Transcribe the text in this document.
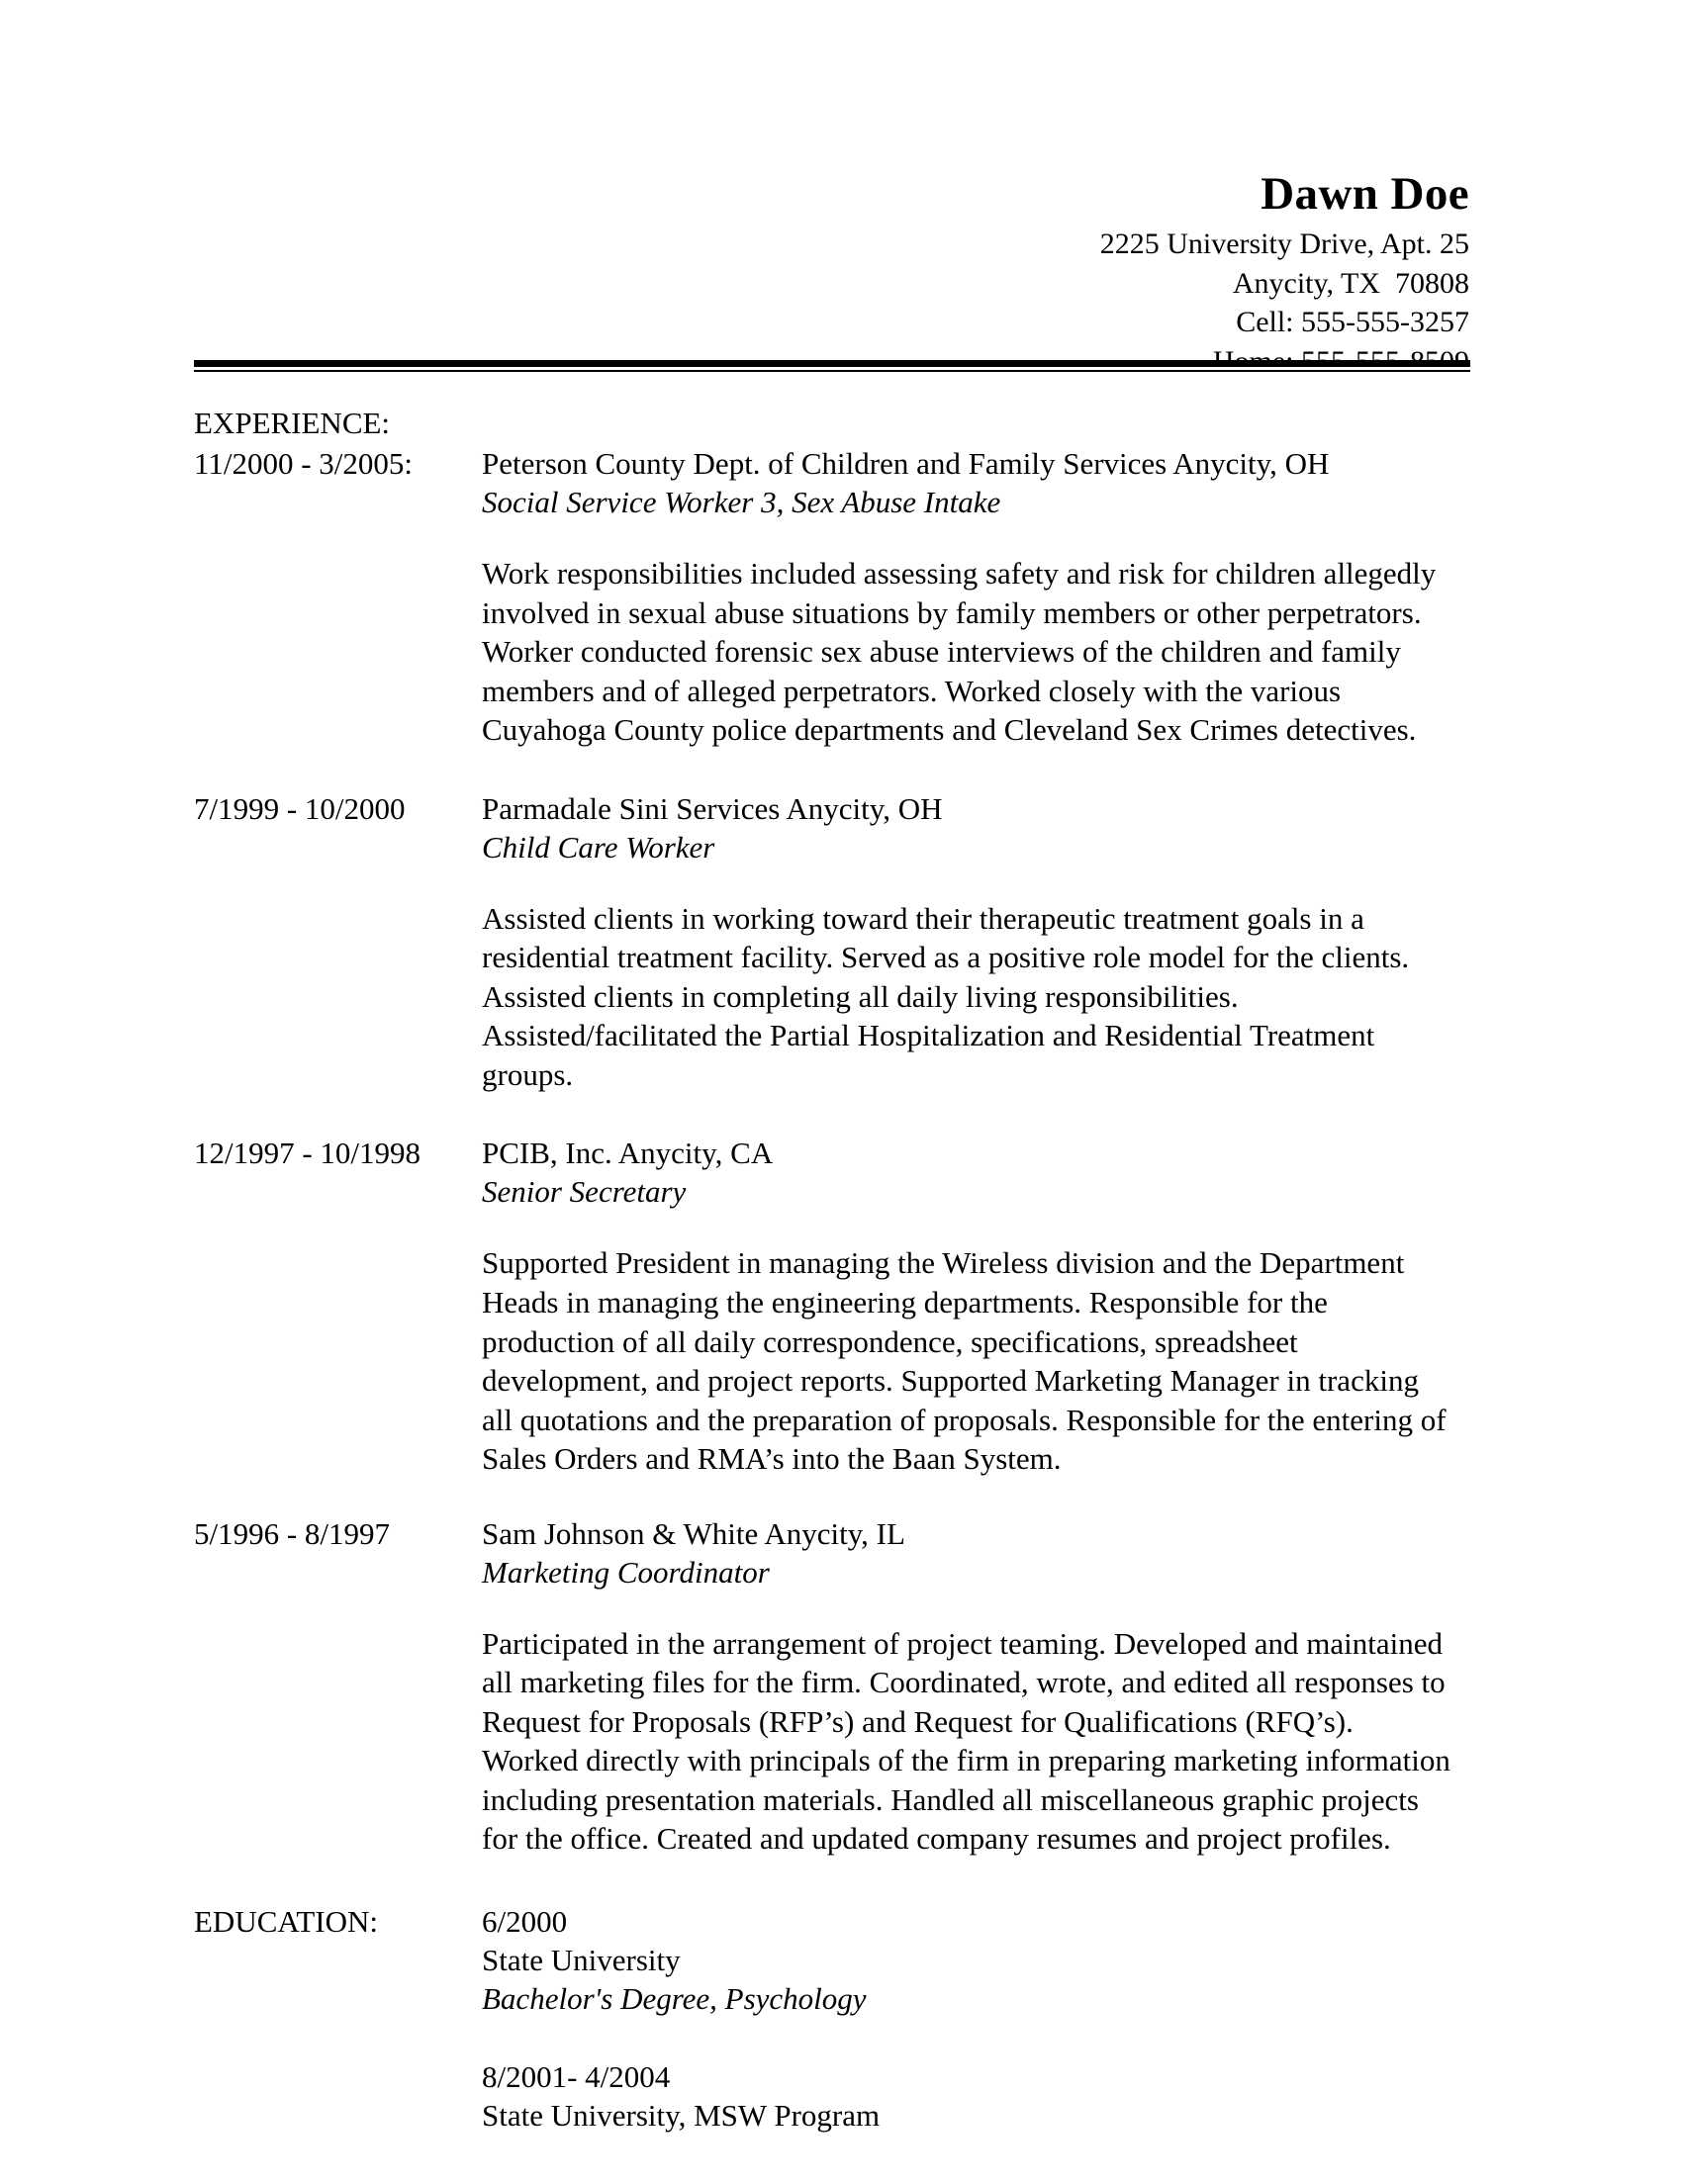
Dawn Doe
2225 University Drive, Apt. 25
Anycity, TX  70808
Cell: 555-555-3257
EXPERIENCE:
11/2000 - 3/2005:	Peterson County Dept. of Children and Family Services Anycity, OH
Social Service Worker 3, Sex Abuse Intake
Work responsibilities included assessing safety and risk for children allegedly involved in sexual abuse situations by family members or other perpetrators. Worker conducted forensic sex abuse interviews of the children and family members and of alleged perpetrators. Worked closely with the various Cuyahoga County police departments and Cleveland Sex Crimes detectives.
7/1999 - 10/2000	Parmadale Sini Services Anycity, OH
Child Care Worker
Assisted clients in working toward their therapeutic treatment goals in a residential treatment facility. Served as a positive role model for the clients. Assisted clients in completing all daily living responsibilities. Assisted/facilitated the Partial Hospitalization and Residential Treatment groups.
12/1997 - 10/1998	PCIB, Inc. Anycity, CA
Senior Secretary
Supported President in managing the Wireless division and the Department Heads in managing the engineering departments. Responsible for the production of all daily correspondence, specifications, spreadsheet development, and project reports. Supported Marketing Manager in tracking all quotations and the preparation of proposals. Responsible for the entering of Sales Orders and RMA’s into the Baan System.
5/1996 - 8/1997	Sam Johnson & White Anycity, IL
Marketing Coordinator
Participated in the arrangement of project teaming. Developed and maintained all marketing files for the firm. Coordinated, wrote, and edited all responses to Request for Proposals (RFP’s) and Request for Qualifications (RFQ’s). Worked directly with principals of the firm in preparing marketing information including presentation materials. Handled all miscellaneous graphic projects for the office. Created and updated company resumes and project profiles.
EDUCATION:	6/2000
State University
Bachelor's Degree, Psychology
8/2001- 4/2004
State University, MSW Program
